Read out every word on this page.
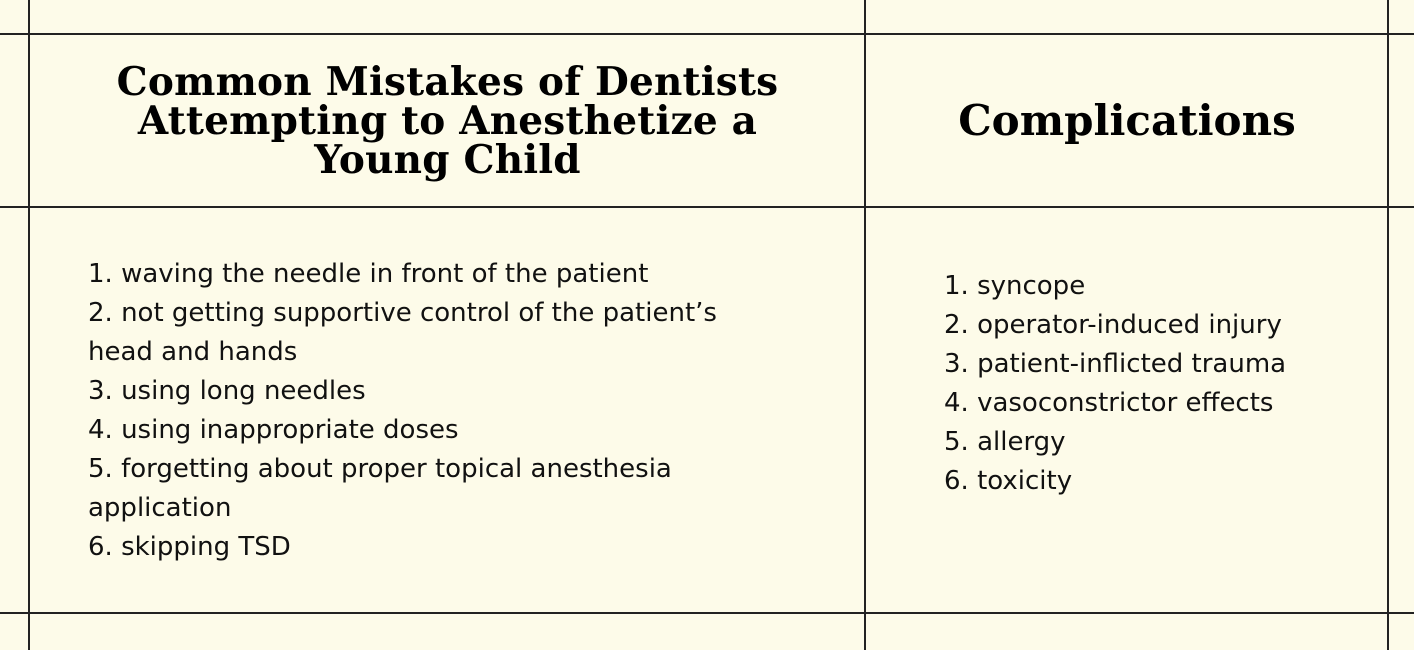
Common Mistakes of Dentists Attempting to Anesthetize a Young Child
Complications
1. waving the needle in front of the patient
2. not getting supportive control of the patient’s head and hands
3. using long needles
4. using inappropriate doses
5. forgetting about proper topical anesthesia application
6. skipping TSD
1. syncope
2. operator-induced injury
3. patient-inflicted trauma
4. vasoconstrictor effects
5. allergy
6. toxicity
